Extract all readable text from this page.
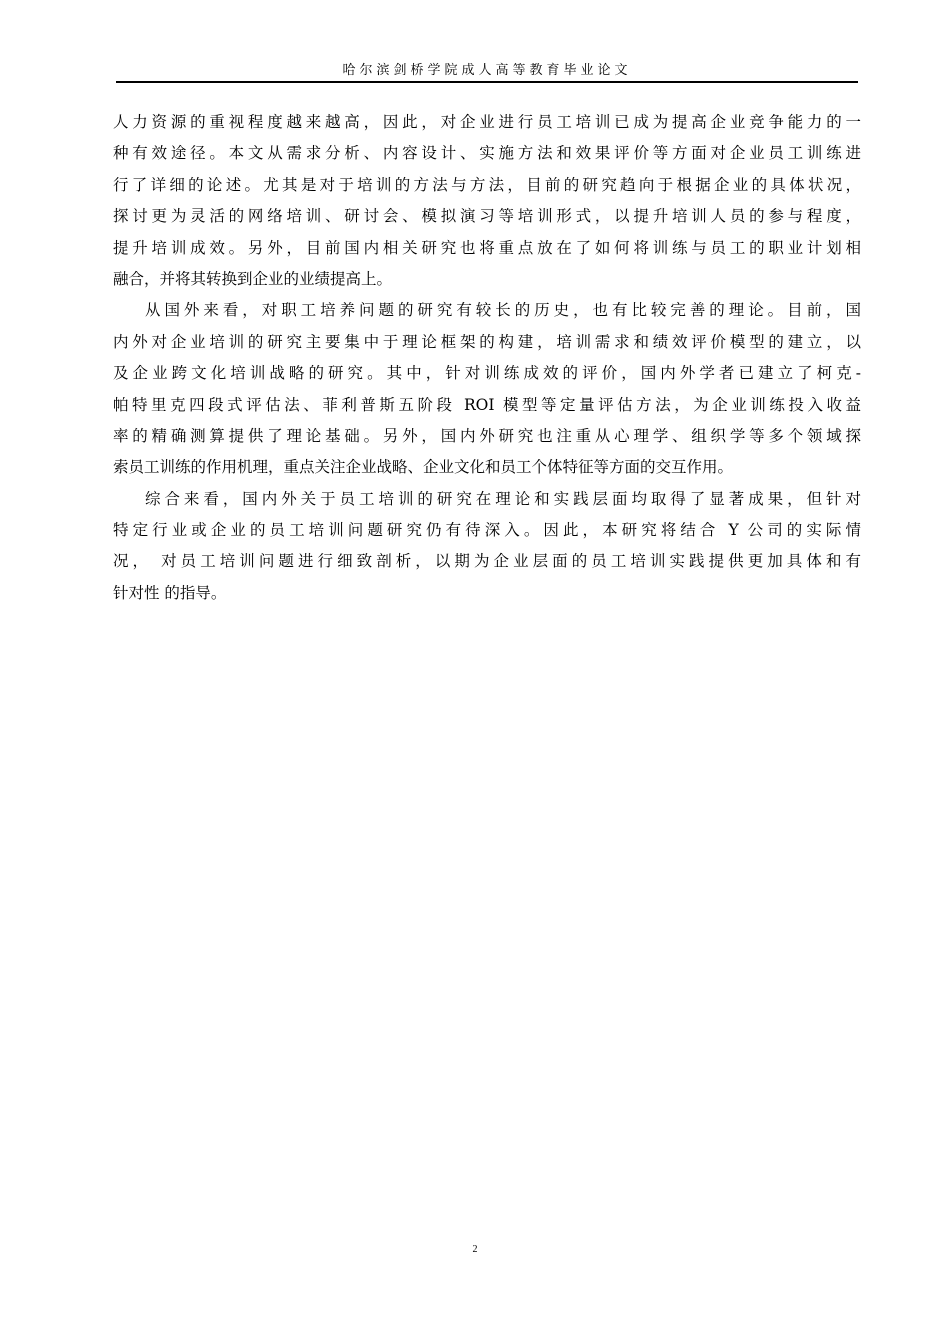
哈尔滨剑桥学院成人高等教育毕业论文
人力资源的重视程度越来越高，因此，对企业进行员工培训已成为提高企业竞争能力的一
种有效途径。本文从需求分析、内容设计、实施方法和效果评价等方面对企业员工训练进
行了详细的论述。尤其是对于培训的方法与方法，目前的研究趋向于根据企业的具体状况，
探讨更为灵活的网络培训、研讨会、模拟演习等培训形式，以提升培训人员的参与程度，
提升培训成效。另外，目前国内相关研究也将重点放在了如何将训练与员工的职业计划相
融合，并将其转换到企业的业绩提高上。
从国外来看，对职工培养问题的研究有较长的历史，也有比较完善的理论。目前，国
内外对企业培训的研究主要集中于理论框架的构建，培训需求和绩效评价模型的建立，以
及企业跨文化培训战略的研究。其中，针对训练成效的评价，国内外学者已建立了柯克-
帕特里克四段式评估法、菲利普斯五阶段 ROI 模型等定量评估方法，为企业训练投入收益
率的精确测算提供了理论基础。另外，国内外研究也注重从心理学、组织学等多个领域探
索员工训练的作用机理，重点关注企业战略、企业文化和员工个体特征等方面的交互作用。
综合来看，国内外关于员工培训的研究在理论和实践层面均取得了显著成果，但针对
特定行业或企业的员工培训问题研究仍有待深入。因此，本研究将结合 Y 公司的实际情
况， 对员工培训问题进行细致剖析，以期为企业层面的员工培训实践提供更加具体和有
针对性 的指导。
2
